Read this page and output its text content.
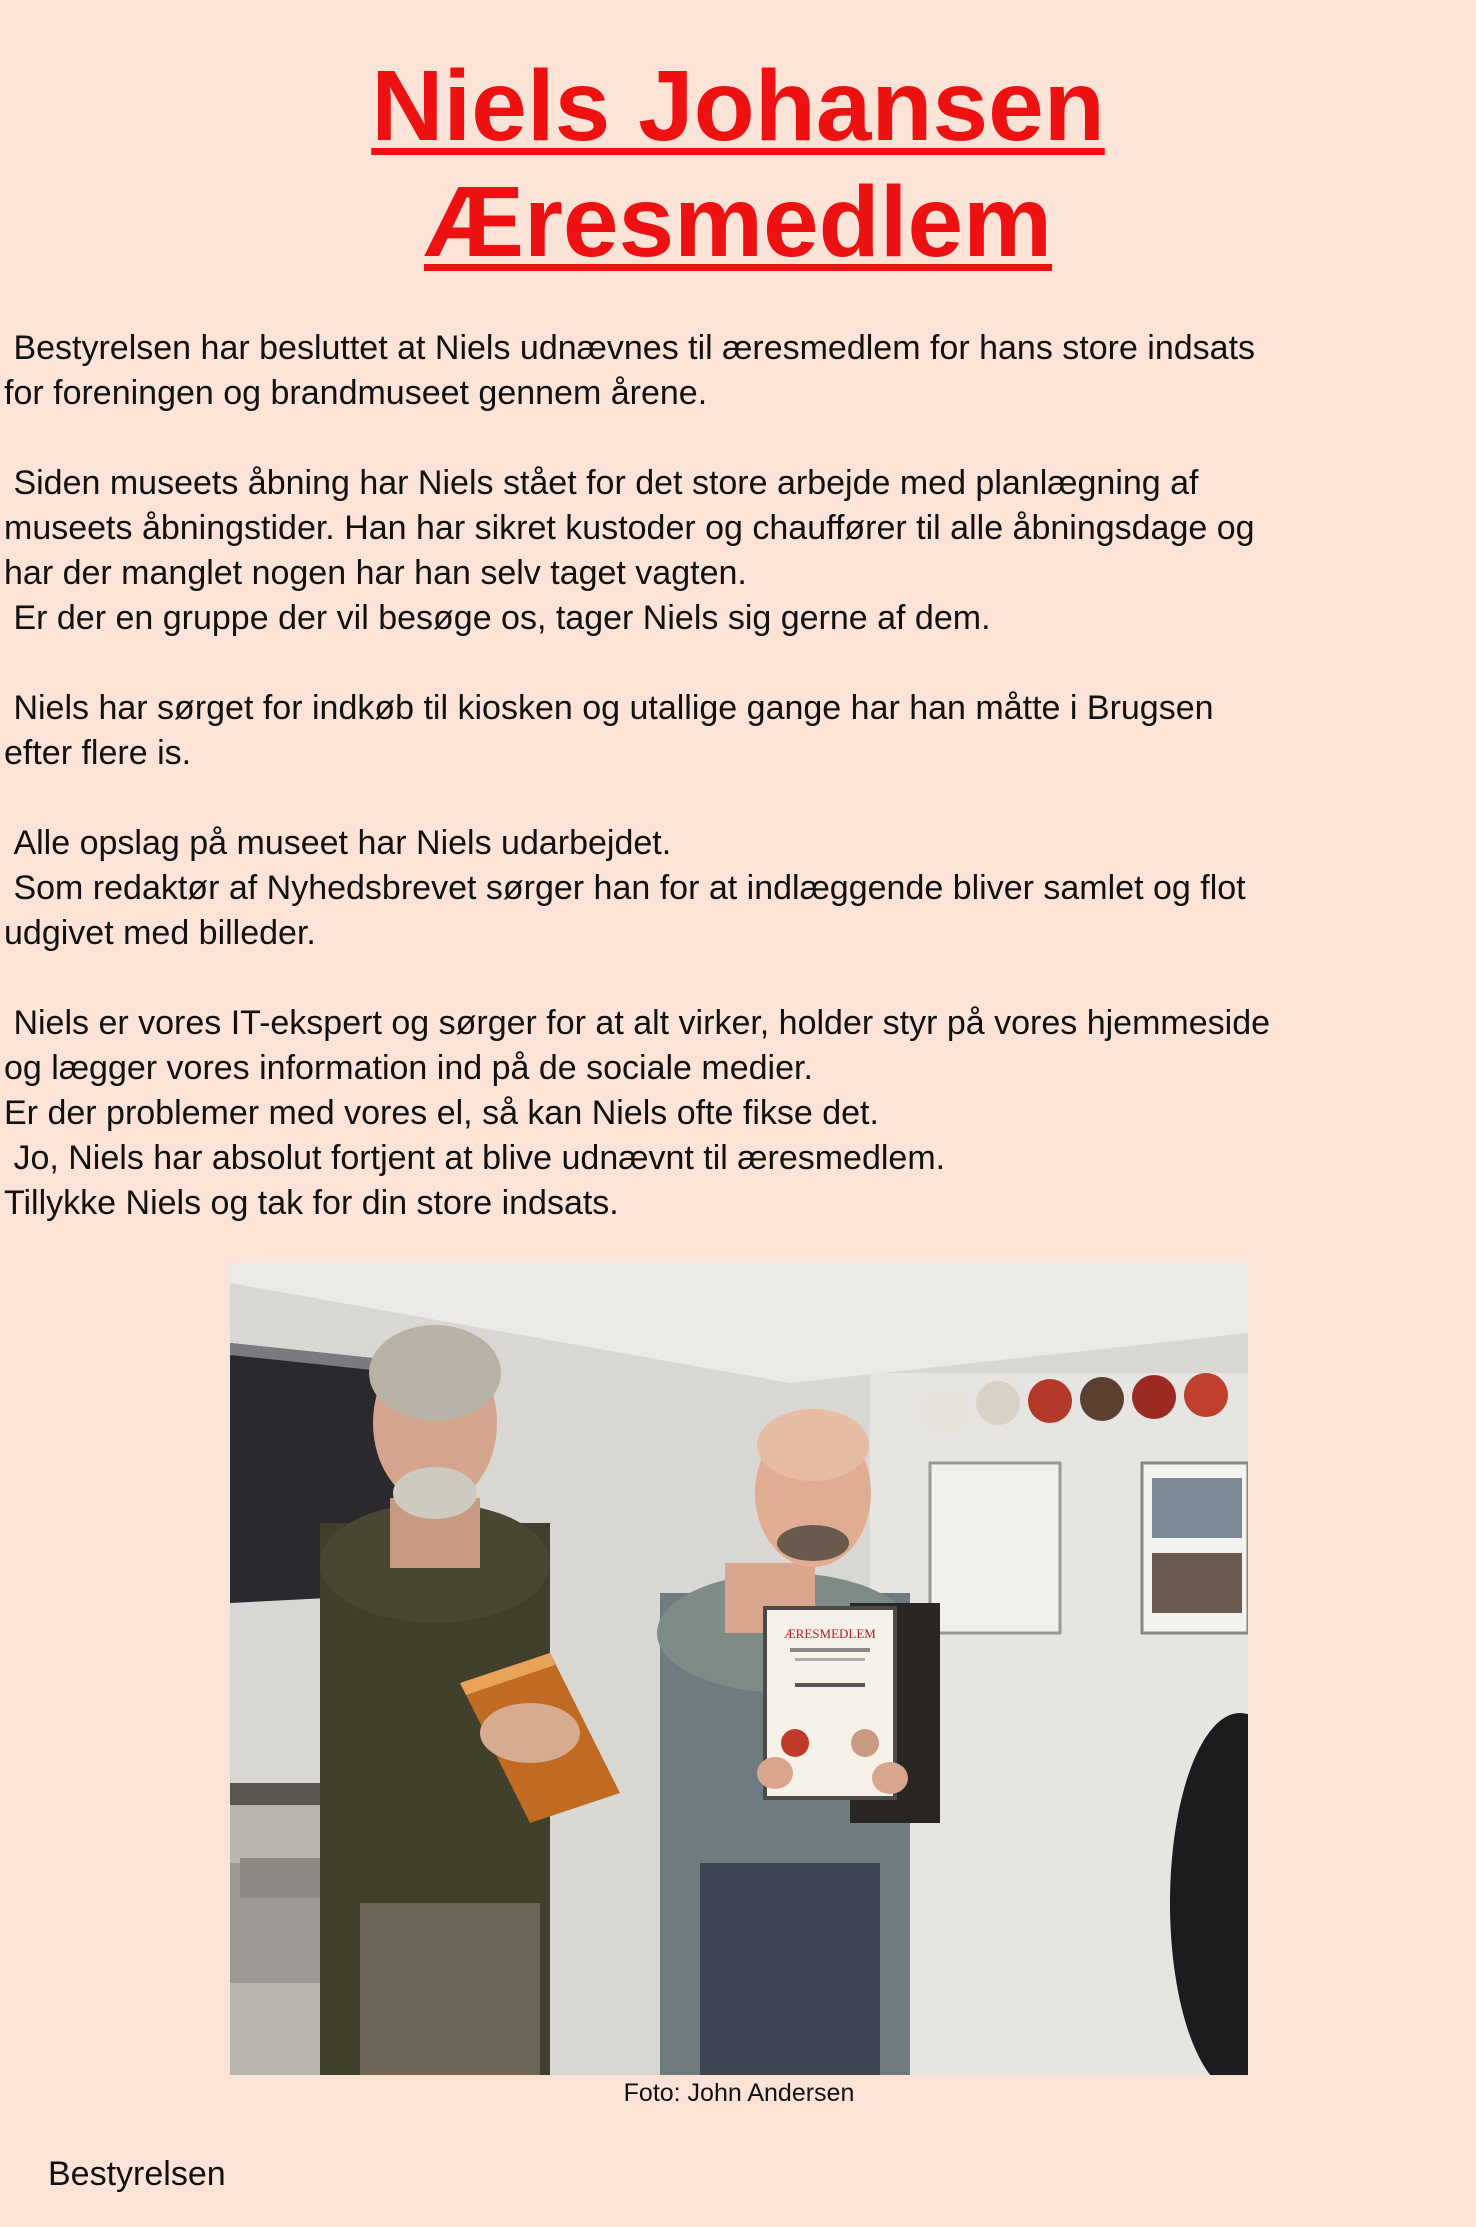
Niels Johansen
Æresmedlem

Bestyrelsen har besluttet at Niels udnævnes til æresmedlem for hans store indsats

for foreningen og brandmuseet gennem årene.

Siden museets åbning har Niels stået for det store arbejde med planlægning af

museets åbningstider. Han har sikret kustoder og chauffører til alle åbningsdage og

har der manglet nogen har han selv taget vagten.

Er der en gruppe der vil besøge os, tager Niels sig gerne af dem.

Niels har sørget for indkøb til kiosken og utallige gange har han måtte i Brugsen

efter flere is.

Alle opslag på museet har Niels udarbejdet.

Som redaktør af Nyhedsbrevet sørger han for at indlæggende bliver samlet og flot

udgivet med billeder.

Niels er vores IT-ekspert og sørger for at alt virker, holder styr på vores hjemmeside

og lægger vores information ind på de sociale medier.

Er der problemer med vores el, så kan Niels ofte fikse det.

Jo, Niels har absolut fortjent at blive udnævnt til æresmedlem.

Tillykke Niels og tak for din store indsats.

ÆRESMEDLEM
Foto: John Andersen
Bestyrelsen
